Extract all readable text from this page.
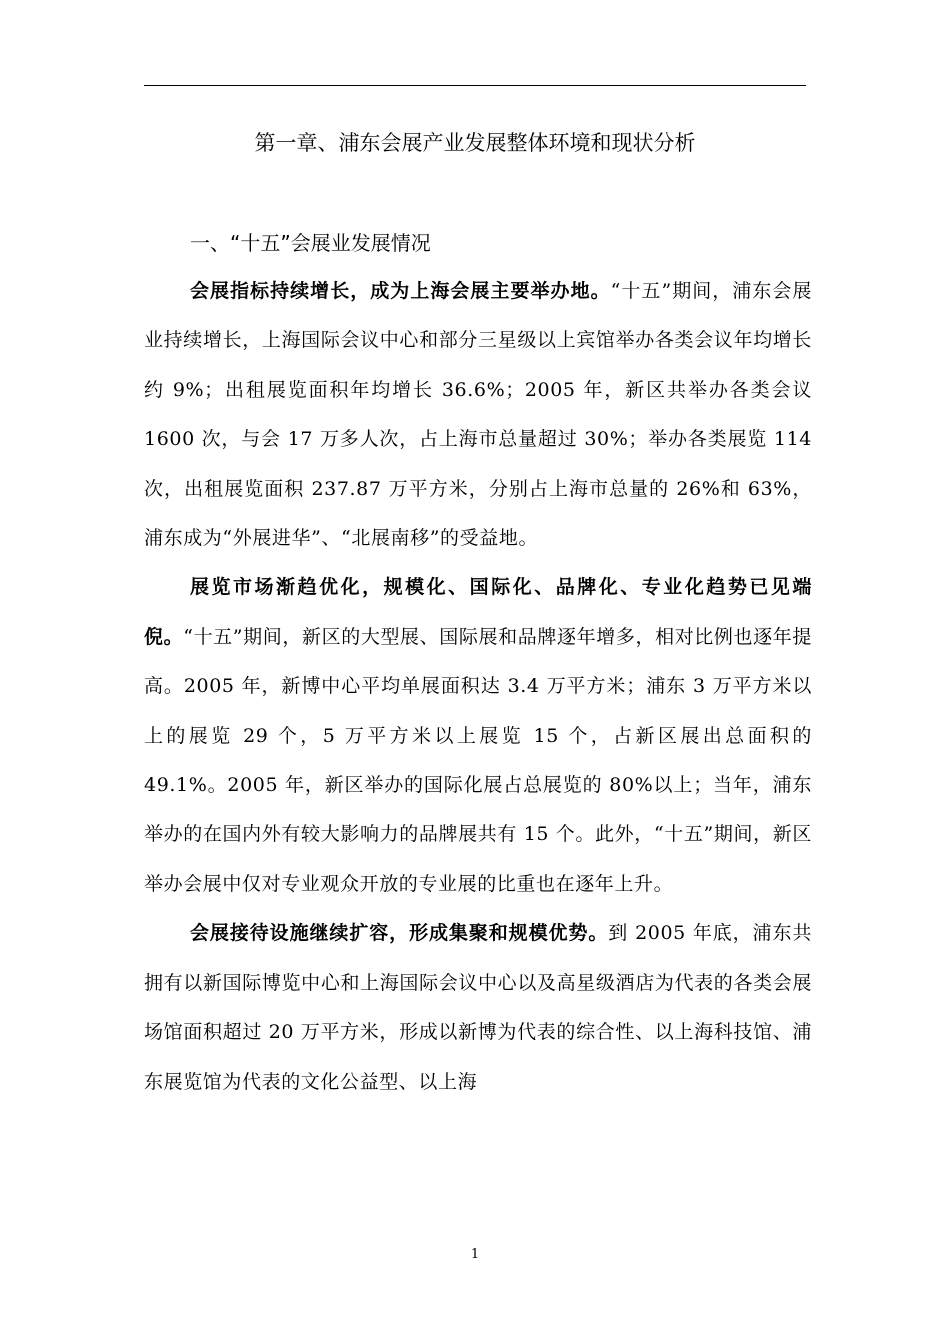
第一章、浦东会展产业发展整体环境和现状分析
一、“十五”会展业发展情况

会展指标持续增长，成为上海会展主要举办地。“十五”期间，浦东会展业持续增长，上海国际会议中心和部分三星级以上宾馆举办各类会议年均增长约 9%；出租展览面积年均增长 36.6%；2005 年，新区共举办各类会议 1600 次，与会 17 万多人次，占上海市总量超过 30%；举办各类展览 114 次，出租展览面积 237.87 万平方米，分别占上海市总量的 26%和 63%，浦东成为“外展进华”、“北展南移”的受益地。

展览市场渐趋优化，规模化、国际化、品牌化、专业化趋势已见端倪。“十五”期间，新区的大型展、国际展和品牌逐年增多，相对比例也逐年提高。2005 年，新博中心平均单展面积达 3.4 万平方米；浦东 3 万平方米以上的展览 29 个，5 万平方米以上展览 15 个，占新区展出总面积的 49.1%。2005 年，新区举办的国际化展占总展览的 80%以上；当年，浦东举办的在国内外有较大影响力的品牌展共有 15 个。此外，“十五”期间，新区举办会展中仅对专业观众开放的专业展的比重也在逐年上升。

会展接待设施继续扩容，形成集聚和规模优势。到 2005 年底，浦东共拥有以新国际博览中心和上海国际会议中心以及高星级酒店为代表的各类会展场馆面积超过 20 万平方米，形成以新博为代表的综合性、以上海科技馆、浦东展览馆为代表的文化公益型、以上海

1
